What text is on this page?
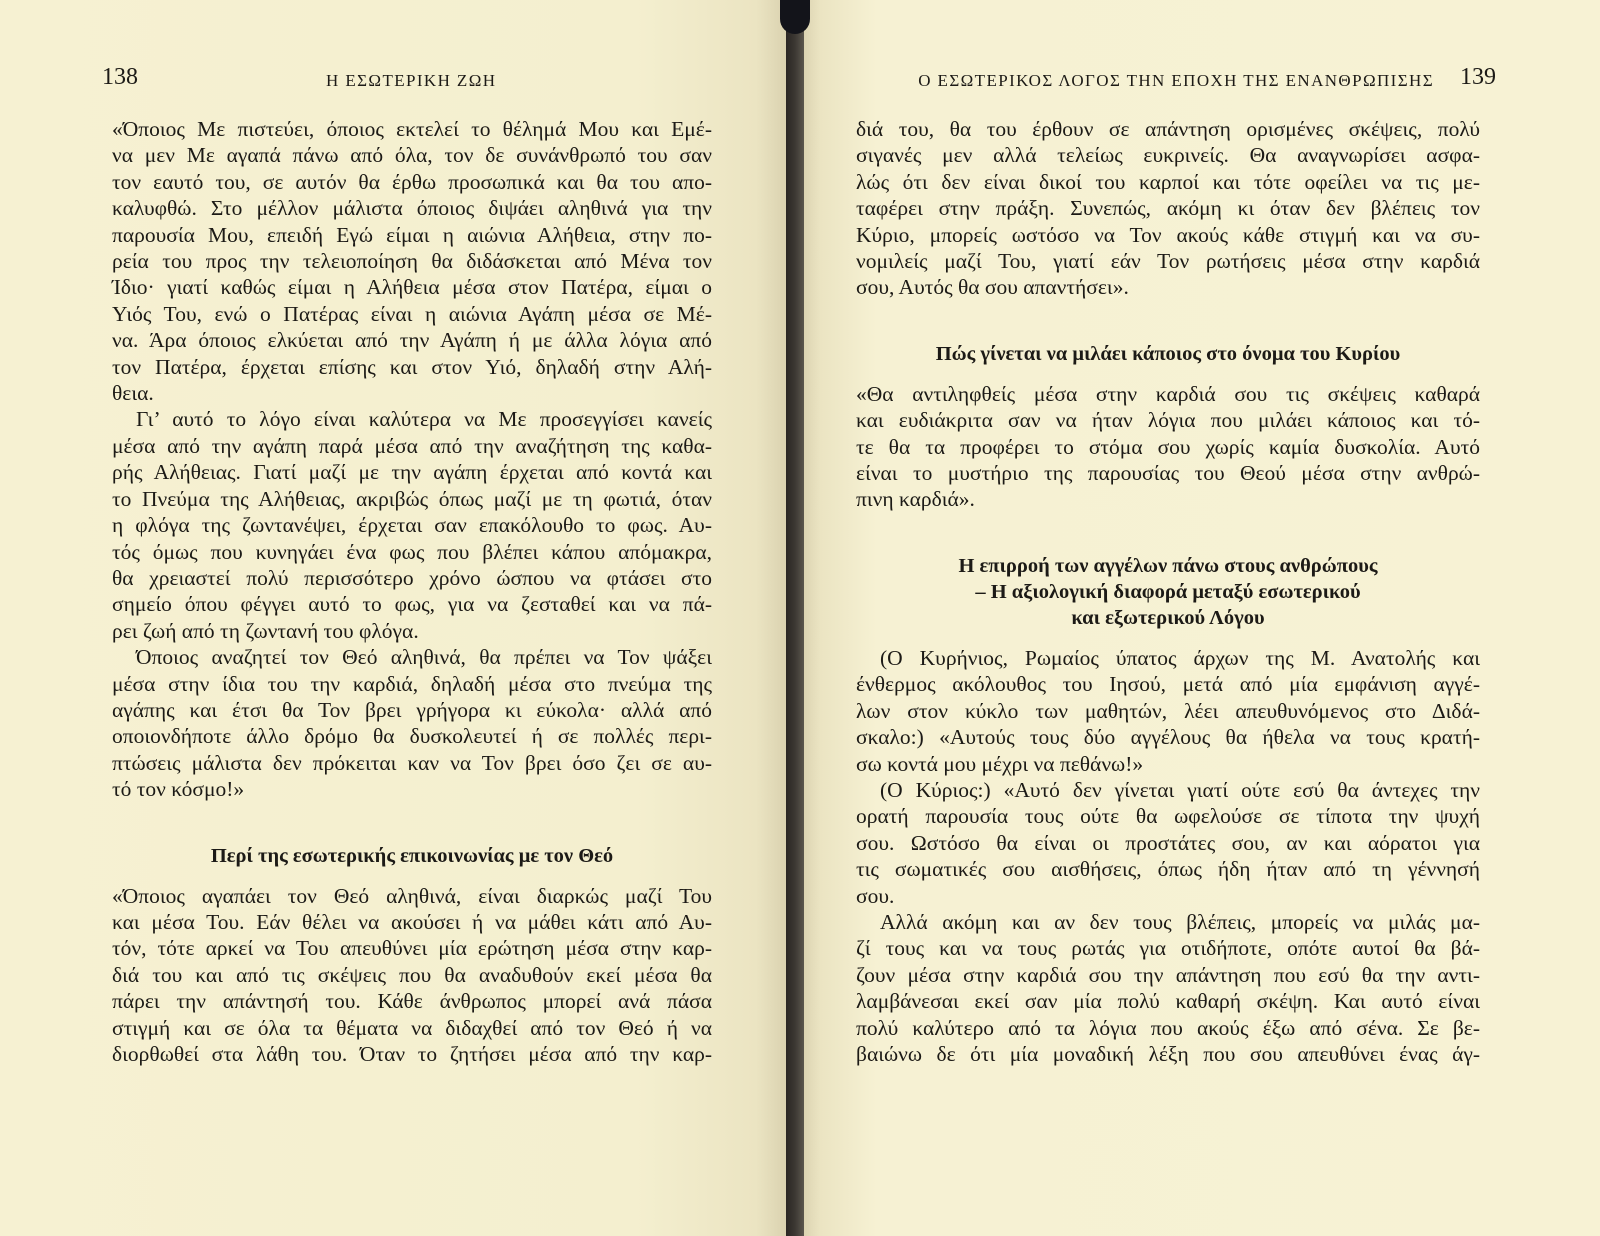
138	Η ΕΣΩΤΕΡΙΚΗ ΖΩΗ

«Όποιος Με πιστεύει, όποιος εκτελεί το θέλημά Μου και Εμέ-
να μεν Με αγαπά πάνω από όλα, τον δε συνάνθρωπό του σαν
τον εαυτό του, σε αυτόν θα έρθω προσωπικά και θα του απο-
καλυφθώ. Στο μέλλον μάλιστα όποιος διψάει αληθινά για την
παρουσία Μου, επειδή Εγώ είμαι η αιώνια Αλήθεια, στην πο-
ρεία του προς την τελειοποίηση θα διδάσκεται από Μένα τον
Ίδιο· γιατί καθώς είμαι η Αλήθεια μέσα στον Πατέρα, είμαι ο
Υιός Του, ενώ ο Πατέρας είναι η αιώνια Αγάπη μέσα σε Μέ-
να. Άρα όποιος ελκύεται από την Αγάπη ή με άλλα λόγια από
τον Πατέρα, έρχεται επίσης και στον Υιό, δηλαδή στην Αλή-

θεια.

Γι’ αυτό το λόγο είναι καλύτερα να Με προσεγγίσει κανείς
μέσα από την αγάπη παρά μέσα από την αναζήτηση της καθα-
ρής Αλήθειας. Γιατί μαζί με την αγάπη έρχεται από κοντά και
το Πνεύμα της Αλήθειας, ακριβώς όπως μαζί με τη φωτιά, όταν
η φλόγα της ζωντανέψει, έρχεται σαν επακόλουθο το φως. Αυ-
τός όμως που κυνηγάει ένα φως που βλέπει κάπου απόμακρα,
θα χρειαστεί πολύ περισσότερο χρόνο ώσπου να φτάσει στο
σημείο όπου φέγγει αυτό το φως, για να ζεσταθεί και να πά-

ρει ζωή από τη ζωντανή του φλόγα.

Όποιος αναζητεί τον Θεό αληθινά, θα πρέπει να Τον ψάξει
μέσα στην ίδια του την καρδιά, δηλαδή μέσα στο πνεύμα της
αγάπης και έτσι θα Τον βρει γρήγορα κι εύκολα· αλλά από
οποιονδήποτε άλλο δρόμο θα δυσκολευτεί ή σε πολλές περι-
πτώσεις μάλιστα δεν πρόκειται καν να Τον βρει όσο ζει σε αυ-

τό τον κόσμο!»

Περί της εσωτερικής επικοινωνίας με τον Θεό

«Όποιος αγαπάει τον Θεό αληθινά, είναι διαρκώς μαζί Του
και μέσα Του. Εάν θέλει να ακούσει ή να μάθει κάτι από Αυ-
τόν, τότε αρκεί να Του απευθύνει μία ερώτηση μέσα στην καρ-
διά του και από τις σκέψεις που θα αναδυθούν εκεί μέσα θα
πάρει την απάντησή του. Κάθε άνθρωπος μπορεί ανά πάσα
στιγμή και σε όλα τα θέματα να διδαχθεί από τον Θεό ή να
διορθωθεί στα λάθη του. Όταν το ζητήσει μέσα από την καρ-

Ο ΕΣΩΤΕΡΙΚΟΣ ΛΟΓΟΣ ΤΗΝ ΕΠΟΧΗ ΤΗΣ ΕΝΑΝΘΡΩΠΙΣΗΣ 139

διά του, θα του έρθουν σε απάντηση ορισμένες σκέψεις, πολύ
σιγανές μεν αλλά τελείως ευκρινείς. Θα αναγνωρίσει ασφα-
λώς ότι δεν είναι δικοί του καρποί και τότε οφείλει να τις με-
ταφέρει στην πράξη. Συνεπώς, ακόμη κι όταν δεν βλέπεις τον
Κύριο, μπορείς ωστόσο να Τον ακούς κάθε στιγμή και να συ-
νομιλείς μαζί Του, γιατί εάν Τον ρωτήσεις μέσα στην καρδιά

σου, Αυτός θα σου απαντήσει».

Πώς γίνεται να μιλάει κάποιος στο όνομα του Κυρίου

«Θα αντιληφθείς μέσα στην καρδιά σου τις σκέψεις καθαρά
και ευδιάκριτα σαν να ήταν λόγια που μιλάει κάποιος και τό-
τε θα τα προφέρει το στόμα σου χωρίς καμία δυσκολία. Αυτό
είναι το μυστήριο της παρουσίας του Θεού μέσα στην ανθρώ-

πινη καρδιά».

Η επιρροή των αγγέλων πάνω στους ανθρώπους

– Η αξιολογική διαφορά μεταξύ εσωτερικού

και εξωτερικού Λόγου

(Ο Κυρήνιος, Ρωμαίος ύπατος άρχων της Μ. Ανατολής και
ένθερμος ακόλουθος του Ιησού, μετά από μία εμφάνιση αγγέ-
λων στον κύκλο των μαθητών, λέει απευθυνόμενος στο Διδά-
σκαλο:) «Αυτούς τους δύο αγγέλους θα ήθελα να τους κρατή-

σω κοντά μου μέχρι να πεθάνω!»

(Ο Κύριος:) «Αυτό δεν γίνεται γιατί ούτε εσύ θα άντεχες την
ορατή παρουσία τους ούτε θα ωφελούσε σε τίποτα την ψυχή
σου. Ωστόσο θα είναι οι προστάτες σου, αν και αόρατοι για
τις σωματικές σου αισθήσεις, όπως ήδη ήταν από τη γέννησή

σου.

Αλλά ακόμη και αν δεν τους βλέπεις, μπορείς να μιλάς μα-
ζί τους και να τους ρωτάς για οτιδήποτε, οπότε αυτοί θα βά-
ζουν μέσα στην καρδιά σου την απάντηση που εσύ θα την αντι-
λαμβάνεσαι εκεί σαν μία πολύ καθαρή σκέψη. Και αυτό είναι
πολύ καλύτερο από τα λόγια που ακούς έξω από σένα. Σε βε-
βαιώνω δε ότι μία μοναδική λέξη που σου απευθύνει ένας άγ-
